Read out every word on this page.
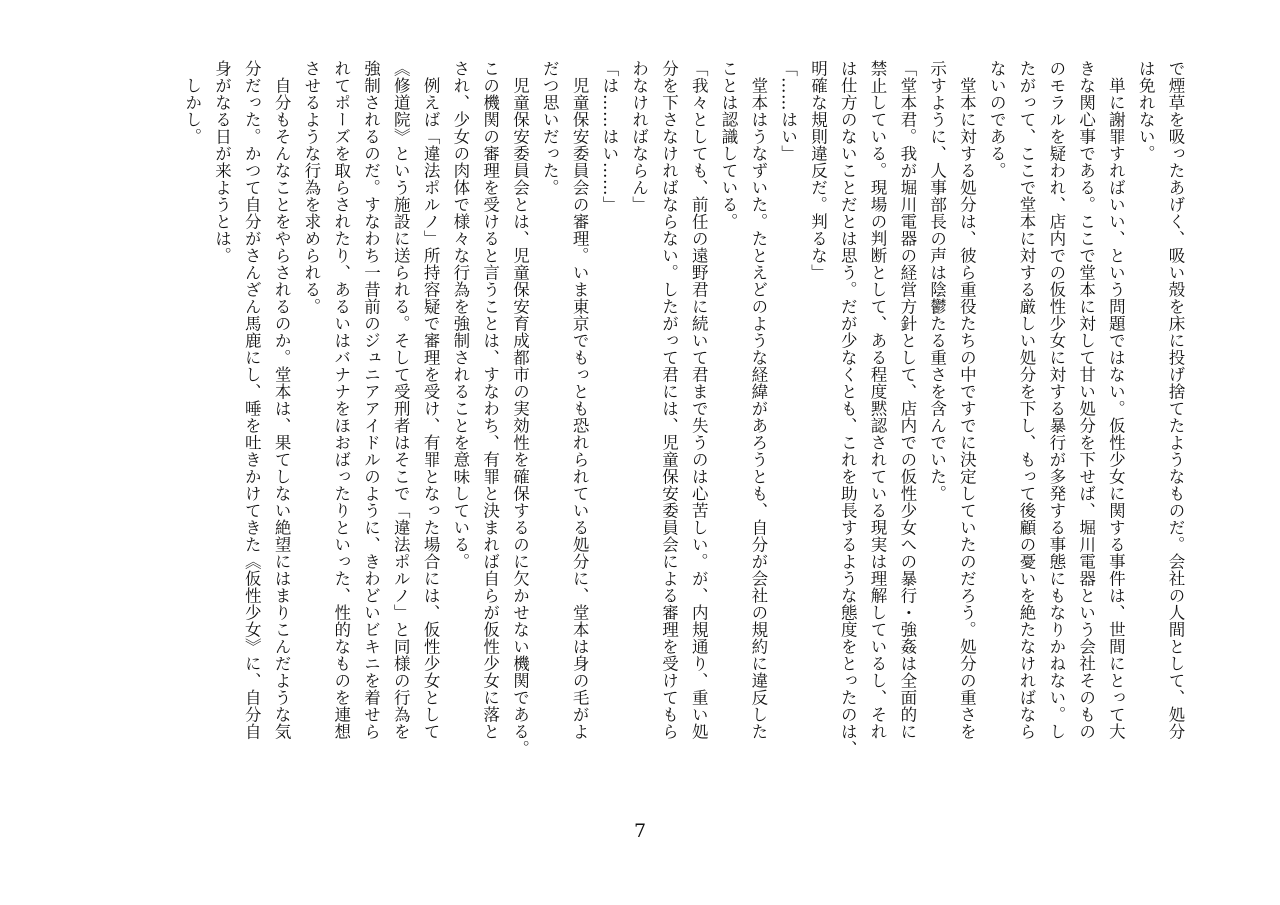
で煙草を吸ったあげく、吸い殻を床に投げ捨てたようなものだ。会社の人間として、処分
は免れない。
　単に謝罪すればいい、という問題ではない。仮性少女に関する事件は、世間にとって大
きな関心事である。ここで堂本に対して甘い処分を下せば、堀川電器という会社そのもの
のモラルを疑われ、店内での仮性少女に対する暴行が多発する事態にもなりかねない。し
たがって、ここで堂本に対する厳しい処分を下し、もって後顧の憂いを絶たなければなら
ないのである。
　堂本に対する処分は、彼ら重役たちの中ですでに決定していたのだろう。処分の重さを
示すように、人事部長の声は陰鬱たる重さを含んでいた。
「堂本君。我が堀川電器の経営方針として、店内での仮性少女への暴行・強姦は全面的に
禁止している。現場の判断として、ある程度黙認されている現実は理解しているし、それ
は仕方のないことだとは思う。だが少なくとも、これを助長するような態度をとったのは、
明確な規則違反だ。判るな」
「……はい」
　堂本はうなずいた。たとえどのような経緯があろうとも、自分が会社の規約に違反した
ことは認識している。
「我々としても、前任の遠野君に続いて君まで失うのは心苦しい。が、内規通り、重い処
分を下さなければならない。したがって君には、児童保安委員会による審理を受けてもら
わなければならん」
「は……はい……」
　児童保安委員会の審理。いま東京でもっとも恐れられている処分に、堂本は身の毛がよ
だつ思いだった。
　児童保安委員会とは、児童保安育成都市の実効性を確保するのに欠かせない機関である。
この機関の審理を受けると言うことは、すなわち、有罪と決まれば自らが仮性少女に落と
され、少女の肉体で様々な行為を強制されることを意味している。
　例えば「違法ポルノ」所持容疑で審理を受け、有罪となった場合には、仮性少女として
《修道院》という施設に送られる。そして受刑者はそこで「違法ポルノ」と同様の行為を
強制されるのだ。すなわち一昔前のジュニアアイドルのように、きわどいビキニを着せら
れてポーズを取らされたり、あるいはバナナをほおばったりといった、性的なものを連想
させるような行為を求められる。
　自分もそんなことをやらされるのか。堂本は、果てしない絶望にはまりこんだような気
分だった。かつて自分がさんざん馬鹿にし、唾を吐きかけてきた《仮性少女》に、自分自
身がなる日が来ようとは。
　しかし。
7
